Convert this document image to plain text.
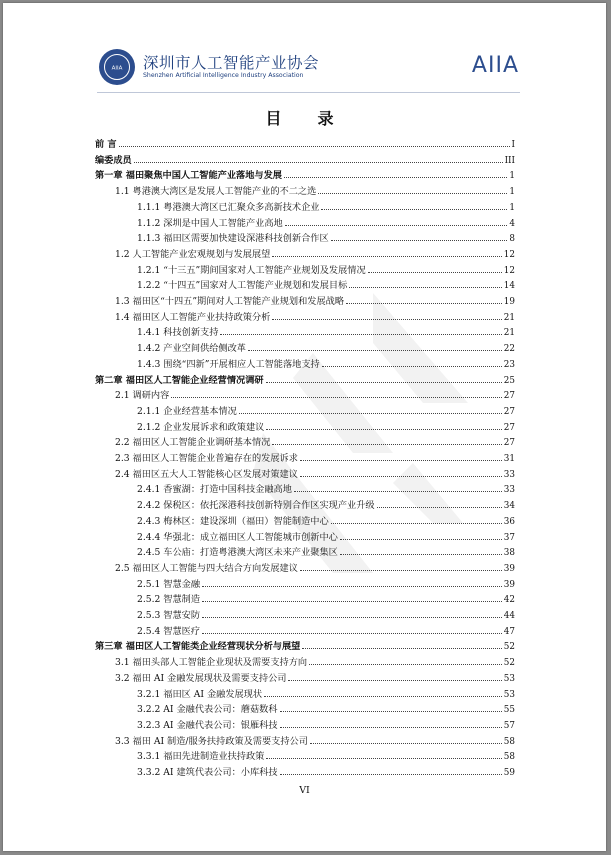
AIIA 深圳市人工智能产业协会
Shenzhen Artificial Intelligence Industry Association	AIIA
目　录
前 言	I
编委成员	III
第一章 福田聚焦中国人工智能产业落地与发展	1
1.1 粤港澳大湾区是发展人工智能产业的不二之选	1
1.1.1 粤港澳大湾区已汇聚众多高新技术企业	1
1.1.2 深圳是中国人工智能产业高地	4
1.1.3 福田区需要加快建设深港科技创新合作区	8
1.2 人工智能产业宏观规划与发展展望	12
1.2.1 “十三五”期间国家对人工智能产业规划及发展情况	12
1.2.2 “十四五”国家对人工智能产业规划和发展目标	14
1.3 福田区“十四五”期间对人工智能产业规划和发展战略	19
1.4 福田区人工智能产业扶持政策分析	21
1.4.1 科技创新支持	21
1.4.2 产业空间供给侧改革	22
1.4.3 围绕“四新”开展相应人工智能落地支持	23
第二章 福田区人工智能企业经营情况调研	25
2.1 调研内容	27
2.1.1 企业经营基本情况	27
2.1.2 企业发展诉求和政策建议	27
2.2 福田区人工智能企业调研基本情况	27
2.3 福田区人工智能企业普遍存在的发展诉求	31
2.4 福田区五大人工智能核心区发展对策建议	33
2.4.1 香蜜湖：打造中国科技金融高地	33
2.4.2 保税区：依托深港科技创新特别合作区实现产业升级	34
2.4.3 梅林区：建设深圳（福田）智能制造中心	36
2.4.4 华强北：成立福田区人工智能城市创新中心	37
2.4.5 车公庙：打造粤港澳大湾区未来产业聚集区	38
2.5 福田区人工智能与四大结合方向发展建议	39
2.5.1 智慧金融	39
2.5.2 智慧制造	42
2.5.3 智慧安防	44
2.5.4 智慧医疗	47
第三章 福田区人工智能类企业经营现状分析与展望	52
3.1 福田头部人工智能企业现状及需要支持方向	52
3.2 福田 AI 金融发展现状及需要支持公司	53
3.2.1 福田区 AI 金融发展现状	53
3.2.2 AI 金融代表公司：蘑菇数科	55
3.2.3 AI 金融代表公司：银雁科技	57
3.3 福田 AI 制造/服务扶持政策及需要支持公司	58
3.3.1 福田先进制造业扶持政策	58
3.3.2 AI 建筑代表公司：小库科技	59
VI
